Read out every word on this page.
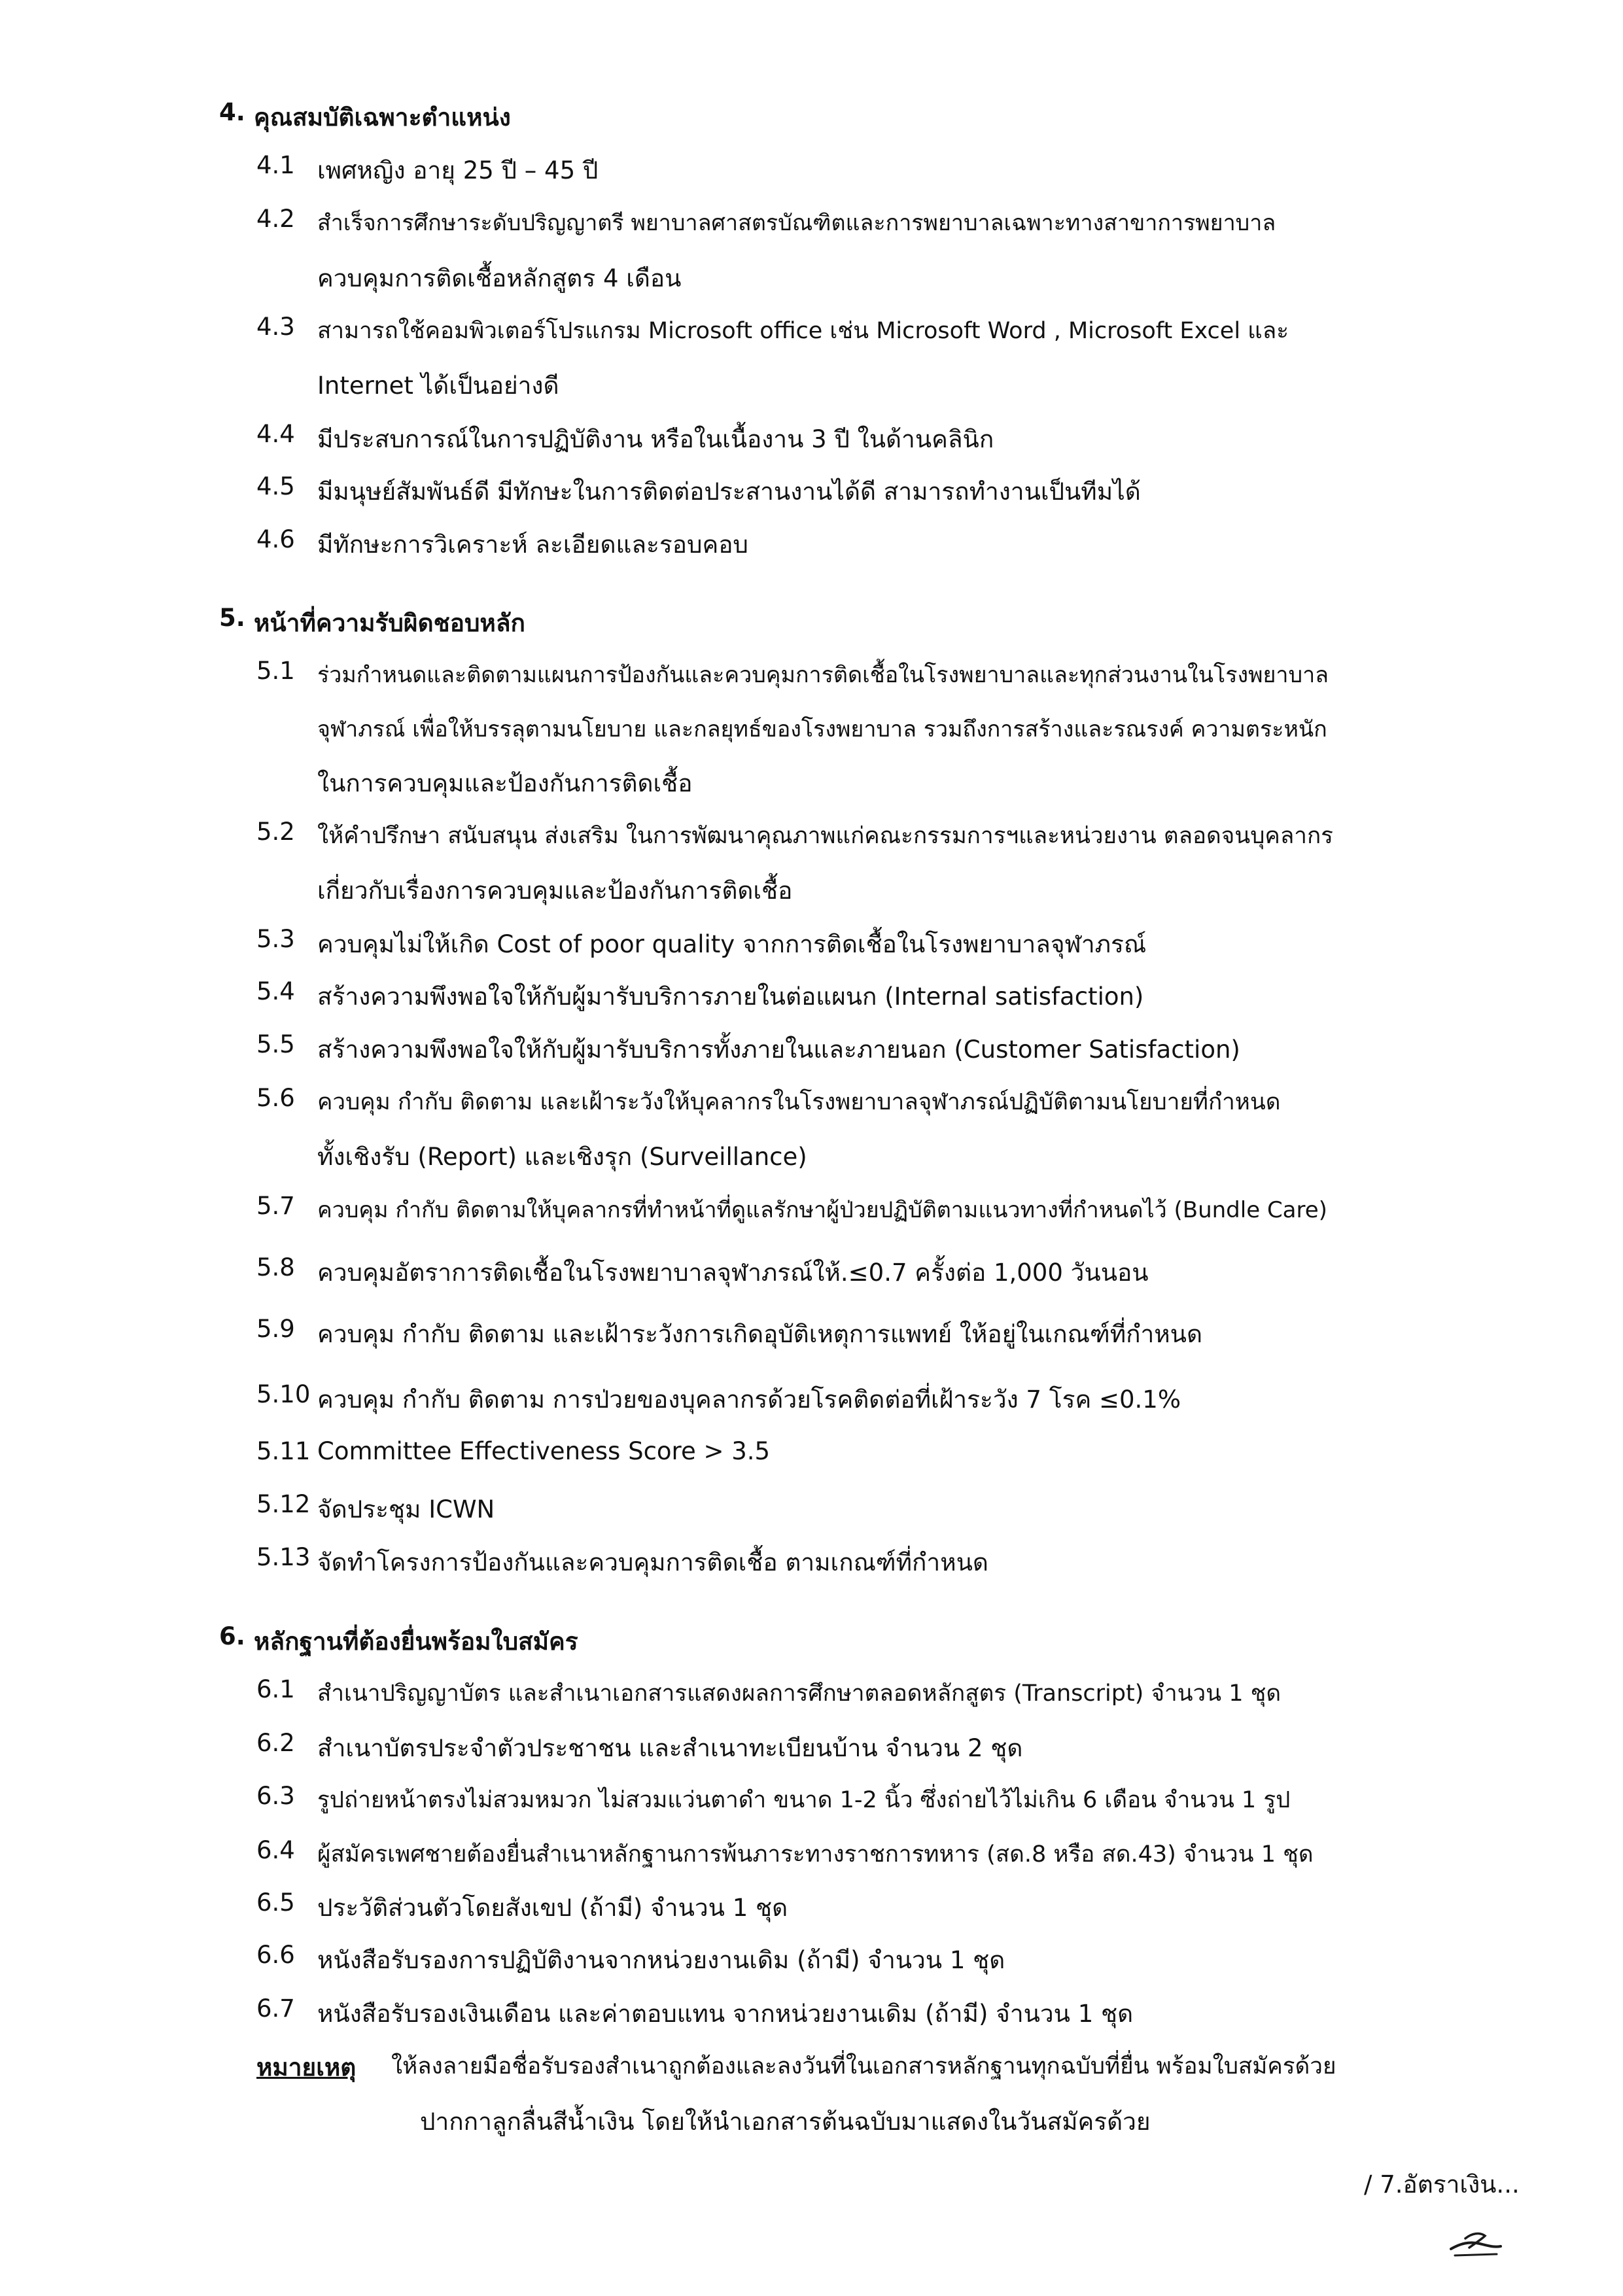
4. คุณสมบัติเฉพาะตำแหน่ง
4.1 เพศหญิง อายุ 25 ปี – 45 ปี
4.2 สำเร็จการศึกษาระดับปริญญาตรี พยาบาลศาสตรบัณฑิตและการพยาบาลเฉพาะทางสาขาการพยาบาล
ควบคุมการติดเชื้อหลักสูตร 4 เดือน
4.3 สามารถใช้คอมพิวเตอร์โปรแกรม Microsoft office เช่น Microsoft Word , Microsoft Excel และ
Internet ได้เป็นอย่างดี
4.4 มีประสบการณ์ในการปฏิบัติงาน หรือในเนื้องาน 3 ปี ในด้านคลินิก
4.5 มีมนุษย์สัมพันธ์ดี มีทักษะในการติดต่อประสานงานได้ดี สามารถทำงานเป็นทีมได้
4.6 มีทักษะการวิเคราะห์ ละเอียดและรอบคอบ
5. หน้าที่ความรับผิดชอบหลัก
5.1 ร่วมกำหนดและติดตามแผนการป้องกันและควบคุมการติดเชื้อในโรงพยาบาลและทุกส่วนงานในโรงพยาบาล
จุฬาภรณ์ เพื่อให้บรรลุตามนโยบาย และกลยุทธ์ของโรงพยาบาล รวมถึงการสร้างและรณรงค์ ความตระหนัก
ในการควบคุมและป้องกันการติดเชื้อ
5.2 ให้คำปรึกษา สนับสนุน ส่งเสริม ในการพัฒนาคุณภาพแก่คณะกรรมการฯและหน่วยงาน ตลอดจนบุคลากร
เกี่ยวกับเรื่องการควบคุมและป้องกันการติดเชื้อ
5.3 ควบคุมไม่ให้เกิด Cost of poor quality จากการติดเชื้อในโรงพยาบาลจุฬาภรณ์
5.4 สร้างความพึงพอใจให้กับผู้มารับบริการภายในต่อแผนก (Internal satisfaction)
5.5 สร้างความพึงพอใจให้กับผู้มารับบริการทั้งภายในและภายนอก (Customer Satisfaction)
5.6 ควบคุม กำกับ ติดตาม และเฝ้าระวังให้บุคลากรในโรงพยาบาลจุฬาภรณ์ปฏิบัติตามนโยบายที่กำหนด
ทั้งเชิงรับ (Report) และเชิงรุก (Surveillance)
5.7 ควบคุม กำกับ ติดตามให้บุคลากรที่ทำหน้าที่ดูแลรักษาผู้ป่วยปฏิบัติตามแนวทางที่กำหนดไว้ (Bundle Care)
5.8 ควบคุมอัตราการติดเชื้อในโรงพยาบาลจุฬาภรณ์ให้.≤0.7 ครั้งต่อ 1,000 วันนอน
5.9 ควบคุม กำกับ ติดตาม และเฝ้าระวังการเกิดอุบัติเหตุการแพทย์ ให้อยู่ในเกณฑ์ที่กำหนด
5.10 ควบคุม กำกับ ติดตาม การป่วยของบุคลากรด้วยโรคติดต่อที่เฝ้าระวัง 7 โรค ≤0.1%
5.11 Committee Effectiveness Score > 3.5
5.12 จัดประชุม ICWN
5.13 จัดทำโครงการป้องกันและควบคุมการติดเชื้อ ตามเกณฑ์ที่กำหนด
6. หลักฐานที่ต้องยื่นพร้อมใบสมัคร
6.1 สำเนาปริญญาบัตร และสำเนาเอกสารแสดงผลการศึกษาตลอดหลักสูตร (Transcript) จำนวน 1 ชุด
6.2 สำเนาบัตรประจำตัวประชาชน และสำเนาทะเบียนบ้าน จำนวน 2 ชุด
6.3 รูปถ่ายหน้าตรงไม่สวมหมวก ไม่สวมแว่นตาดำ ขนาด 1-2 นิ้ว ซึ่งถ่ายไว้ไม่เกิน 6 เดือน จำนวน 1 รูป
6.4 ผู้สมัครเพศชายต้องยื่นสำเนาหลักฐานการพ้นภาระทางราชการทหาร (สด.8 หรือ สด.43) จำนวน 1 ชุด
6.5 ประวัติส่วนตัวโดยสังเขป (ถ้ามี) จำนวน 1 ชุด
6.6 หนังสือรับรองการปฏิบัติงานจากหน่วยงานเดิม (ถ้ามี) จำนวน 1 ชุด
6.7 หนังสือรับรองเงินเดือน และค่าตอบแทน จากหน่วยงานเดิม (ถ้ามี) จำนวน 1 ชุด
หมายเหตุ ให้ลงลายมือชื่อรับรองสำเนาถูกต้องและลงวันที่ในเอกสารหลักฐานทุกฉบับที่ยื่น พร้อมใบสมัครด้วย
ปากกาลูกลื่นสีน้ำเงิน โดยให้นำเอกสารต้นฉบับมาแสดงในวันสมัครด้วย
/ 7.อัตราเงิน...
